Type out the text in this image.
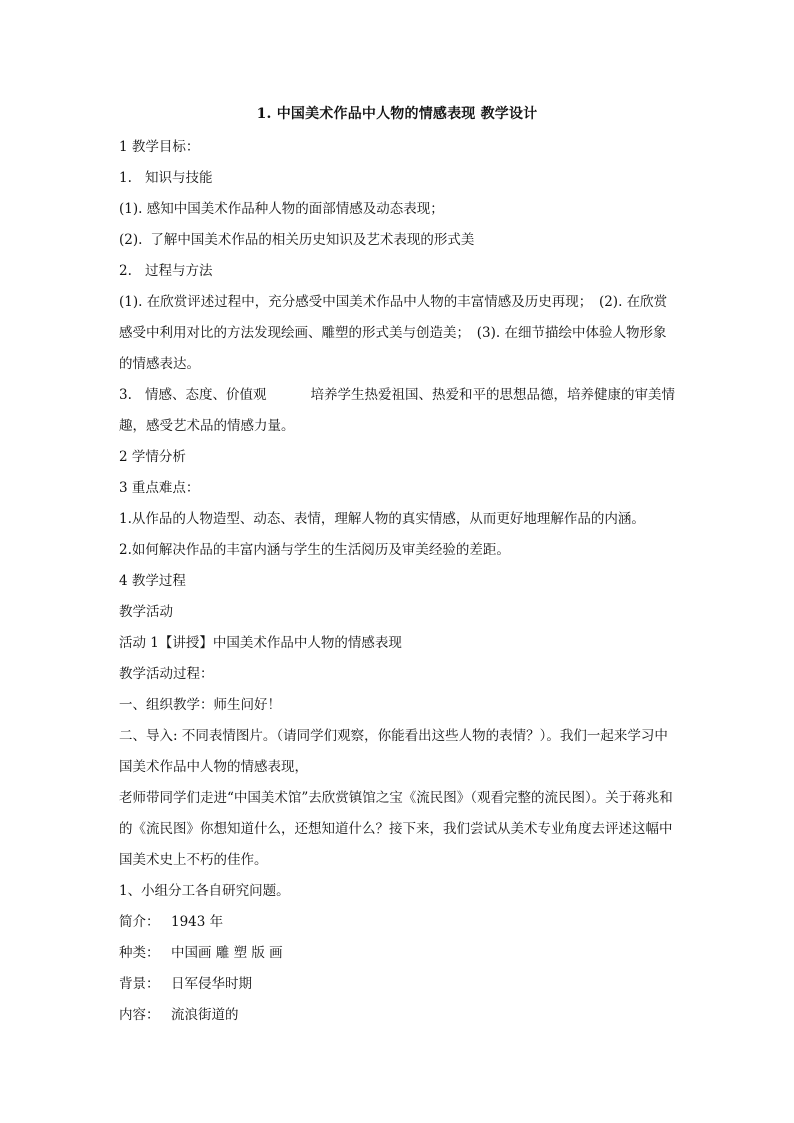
1. 中国美术作品中人物的情感表现 教学设计

1 教学目标：

1. 知识与技能

(1). 感知中国美术作品种人物的面部情感及动态表现；

(2). 了解中国美术作品的相关历史知识及艺术表现的形式美

2. 过程与方法

(1). 在欣赏评述过程中，充分感受中国美术作品中人物的丰富情感及历史再现；　(2). 在欣赏感受中利用对比的方法发现绘画、雕塑的形式美与创造美；　(3). 在细节描绘中体验人物形象的情感表达。

3. 情感、态度、价值观	培养学生热爱祖国、热爱和平的思想品德，培养健康的审美情趣，感受艺术品的情感力量。

2 学情分析

3 重点难点：

1.从作品的人物造型、动态、表情，理解人物的真实情感，从而更好地理解作品的内涵。

2.如何解决作品的丰富内涵与学生的生活阅历及审美经验的差距。

4 教学过程

教学活动

活动 1【讲授】中国美术作品中人物的情感表现

教学活动过程：

一、组织教学：师生问好！

二、导入: 不同表情图片。（请同学们观察，你能看出这些人物的表情？）。我们一起来学习中国美术作品中人物的情感表现，

老师带同学们走进“中国美术馆”去欣赏镇馆之宝《流民图》（观看完整的流民图）。关于蒋兆和的《流民图》你想知道什么，还想知道什么？接下来，我们尝试从美术专业角度去评述这幅中国美术史上不朽的佳作。

1、小组分工各自研究问题。

简介： 1943 年

种类： 中国画 雕 塑 版 画

背景： 日军侵华时期

内容： 流浪街道的
